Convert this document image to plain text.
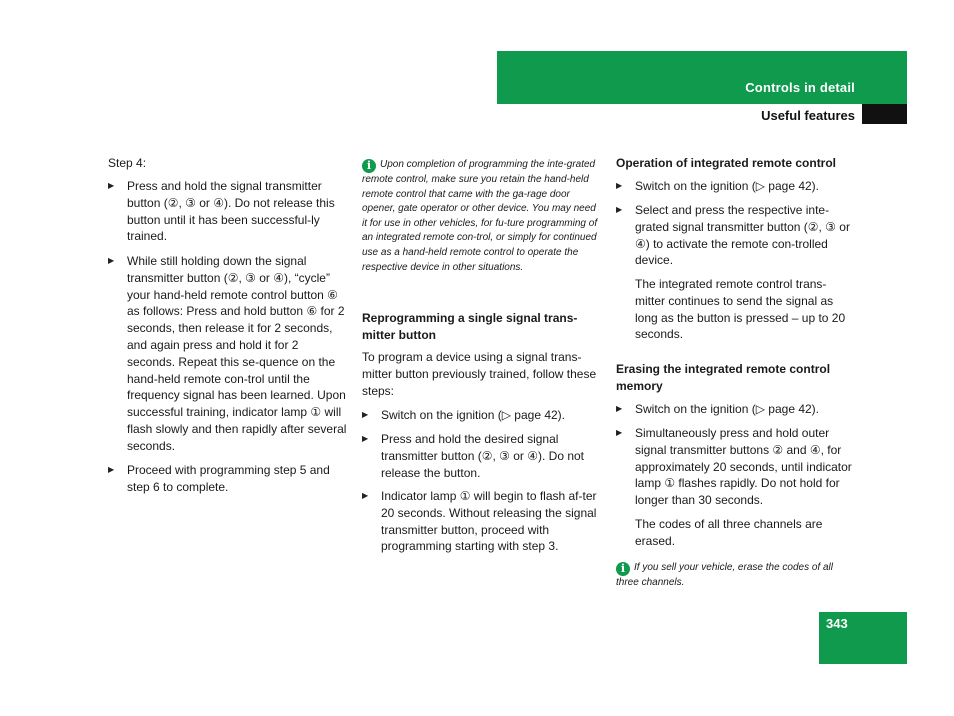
Controls in detail
Useful features

Step 4:

▶ Press and hold the signal transmitter button (②, ③ or ④). Do not release this button until it has been successful-ly trained.

▶ While still holding down the signal transmitter button (②, ③ or ④), “cycle” your hand-held remote control button ⑥ as follows: Press and hold button ⑥ for 2 seconds, then release it for 2 seconds, and again press and hold it for 2 seconds. Repeat this se-quence on the hand-held remote con-trol until the frequency signal has been learned. Upon successful training, indicator lamp ① will flash slowly and then rapidly after several seconds.

▶ Proceed with programming step 5 and step 6 to complete.

i Upon completion of programming the inte-grated remote control, make sure you retain the hand-held remote control that came with the ga-rage door opener, gate operator or other device. You may need it for use in other vehicles, for fu-ture programming of an integrated remote con-trol, or simply for continued use as a hand-held remote control to operate the respective device in other situations.

Reprogramming a single signal trans-mitter button

To program a device using a signal trans-mitter button previously trained, follow these steps:

▶ Switch on the ignition (▷ page 42).

▶ Press and hold the desired signal transmitter button (②, ③ or ④). Do not release the button.

▶ Indicator lamp ① will begin to flash af-ter 20 seconds. Without releasing the signal transmitter button, proceed with programming starting with step 3.

Operation of integrated remote control

▶ Switch on the ignition (▷ page 42).

▶ Select and press the respective inte-grated signal transmitter button (②, ③ or ④) to activate the remote con-trolled device.

The integrated remote control trans-mitter continues to send the signal as long as the button is pressed – up to 20 seconds.

Erasing the integrated remote control memory

▶ Switch on the ignition (▷ page 42).

▶ Simultaneously press and hold outer signal transmitter buttons ② and ④, for approximately 20 seconds, until indicator lamp ① flashes rapidly. Do not hold for longer than 30 seconds.

The codes of all three channels are erased.

i If you sell your vehicle, erase the codes of all three channels.

343
